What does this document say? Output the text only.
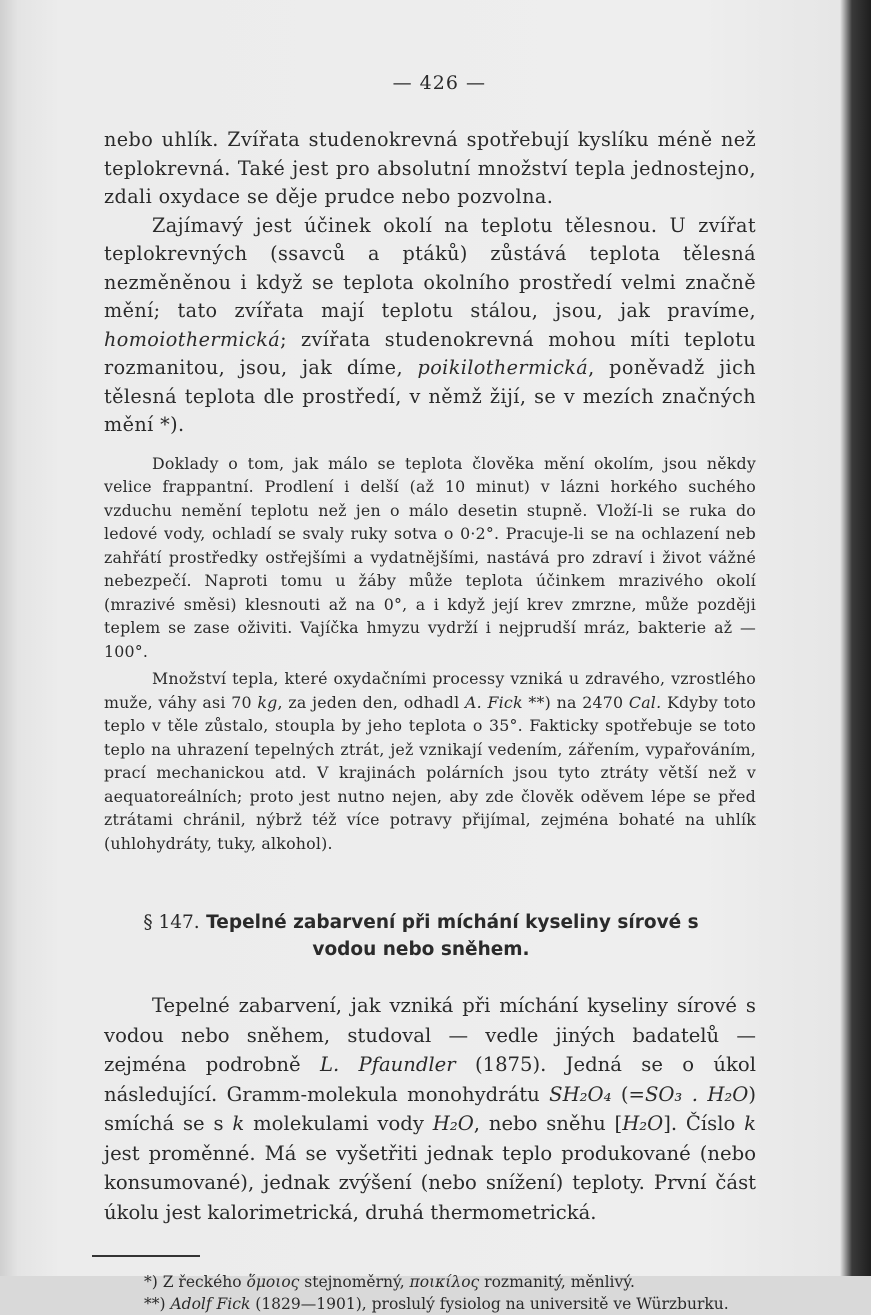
— 426 —

nebo uhlík. Zvířata studenokrevná spotřebují kyslíku méně než teplokrevná. Také jest pro absolutní množství tepla jednostejno, zdali oxydace se děje prudce nebo pozvolna.

Zajímavý jest účinek okolí na teplotu tělesnou. U zvířat teplokrevných (ssavců a ptáků) zůstává teplota tělesná nezměněnou i když se teplota okolního prostředí velmi značně mění; tato zvířata mají teplotu stálou, jsou, jak pravíme, homoiothermická; zvířata studenokrevná mohou míti teplotu rozmanitou, jsou, jak díme, poikilothermická, poněvadž jich tělesná teplota dle prostředí, v němž žijí, se v mezích značných mění *).

Doklady o tom, jak málo se teplota člověka mění okolím, jsou někdy velice frappantní. Prodlení i delší (až 10 minut) v lázni horkého suchého vzduchu nemění teplotu než jen o málo desetin stupně. Vloží-li se ruka do ledové vody, ochladí se svaly ruky sotva o 0·2°. Pracuje-li se na ochlazení neb zahřátí prostředky ostřejšími a vydatnějšími, nastává pro zdraví i život vážné nebezpečí. Naproti tomu u žáby může teplota účinkem mrazivého okolí (mrazivé směsi) klesnouti až na 0°, a i když její krev zmrzne, může později teplem se zase oživiti. Vajíčka hmyzu vydrží i nejprudší mráz, bakterie až — 100°.

Množství tepla, které oxydačními processy vzniká u zdravého, vzrostlého muže, váhy asi 70 kg, za jeden den, odhadl A. Fick **) na 2470 Cal. Kdyby toto teplo v těle zůstalo, stoupla by jeho teplota o 35°. Fakticky spotřebuje se toto teplo na uhrazení tepelných ztrát, jež vznikají vedením, zářením, vypařováním, prací mechanickou atd. V krajinách polárních jsou tyto ztráty větší než v aequatoreálních; proto jest nutno nejen, aby zde člověk oděvem lépe se před ztrátami chránil, nýbrž též více potravy přijímal, zejména bohaté na uhlík (uhlohydráty, tuky, alkohol).

§ 147. Tepelné zabarvení při míchání kyseliny sírové s vodou nebo sněhem.

Tepelné zabarvení, jak vzniká při míchání kyseliny sírové s vodou nebo sněhem, studoval — vedle jiných badatelů — zejména podrobně L. Pfaundler (1875). Jedná se o úkol následující. Gramm-molekula monohydrátu SH₂O₄ (=SO₃ . H₂O) smíchá se s k molekulami vody H₂O, nebo sněhu [H₂O]. Číslo k jest proměnné. Má se vyšetřiti jednak teplo produkované (nebo konsumované), jednak zvýšení (nebo snížení) teploty. První část úkolu jest kalorimetrická, druhá thermometrická.

*) Z řeckého ὅμοιος stejnoměrný, ποικίλος rozmanitý, měnlivý.

**) Adolf Fick (1829—1901), proslulý fysiolog na universitě ve Würzburku.
